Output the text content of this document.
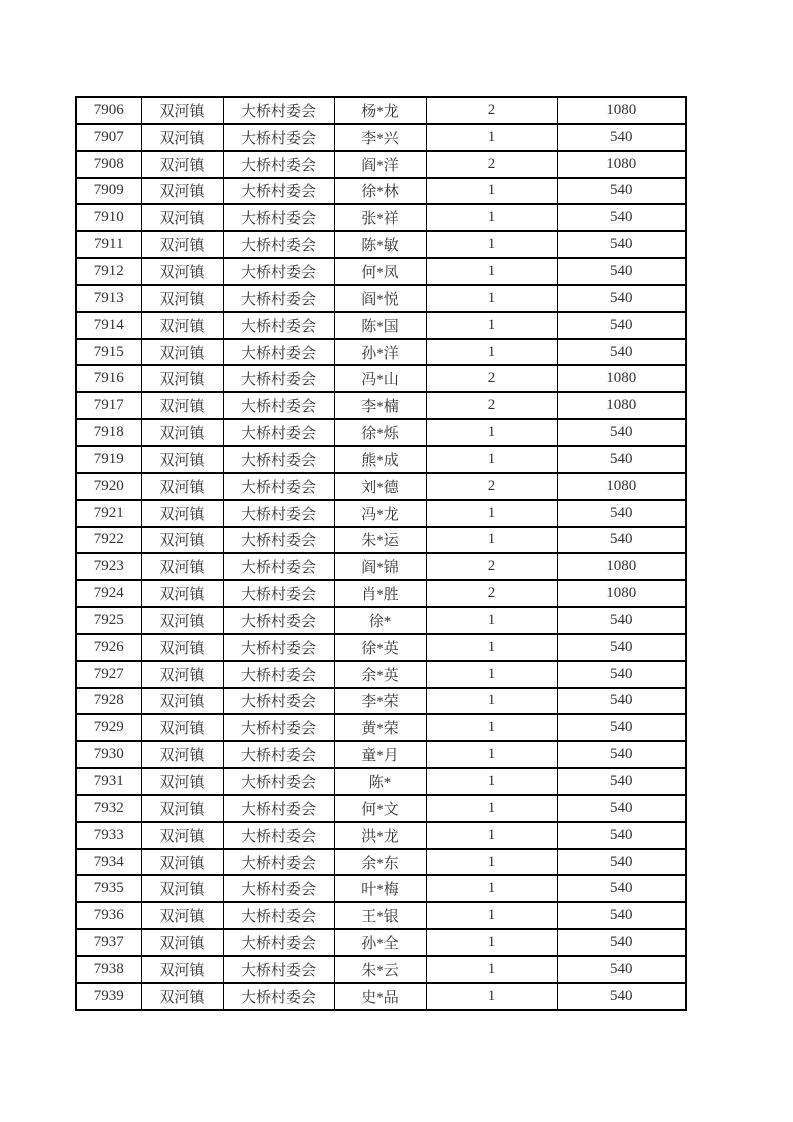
7906	双河镇	大桥村委会	杨*龙	2	1080
7907	双河镇	大桥村委会	李*兴	1	540
7908	双河镇	大桥村委会	阎*洋	2	1080
7909	双河镇	大桥村委会	徐*林	1	540
7910	双河镇	大桥村委会	张*祥	1	540
7911	双河镇	大桥村委会	陈*敏	1	540
7912	双河镇	大桥村委会	何*凤	1	540
7913	双河镇	大桥村委会	阎*悦	1	540
7914	双河镇	大桥村委会	陈*国	1	540
7915	双河镇	大桥村委会	孙*洋	1	540
7916	双河镇	大桥村委会	冯*山	2	1080
7917	双河镇	大桥村委会	李*楠	2	1080
7918	双河镇	大桥村委会	徐*烁	1	540
7919	双河镇	大桥村委会	熊*成	1	540
7920	双河镇	大桥村委会	刘*德	2	1080
7921	双河镇	大桥村委会	冯*龙	1	540
7922	双河镇	大桥村委会	朱*运	1	540
7923	双河镇	大桥村委会	阎*锦	2	1080
7924	双河镇	大桥村委会	肖*胜	2	1080
7925	双河镇	大桥村委会	徐*	1	540
7926	双河镇	大桥村委会	徐*英	1	540
7927	双河镇	大桥村委会	余*英	1	540
7928	双河镇	大桥村委会	李*荣	1	540
7929	双河镇	大桥村委会	黄*荣	1	540
7930	双河镇	大桥村委会	童*月	1	540
7931	双河镇	大桥村委会	陈*	1	540
7932	双河镇	大桥村委会	何*文	1	540
7933	双河镇	大桥村委会	洪*龙	1	540
7934	双河镇	大桥村委会	余*东	1	540
7935	双河镇	大桥村委会	叶*梅	1	540
7936	双河镇	大桥村委会	王*银	1	540
7937	双河镇	大桥村委会	孙*全	1	540
7938	双河镇	大桥村委会	朱*云	1	540
7939	双河镇	大桥村委会	史*品	1	540
